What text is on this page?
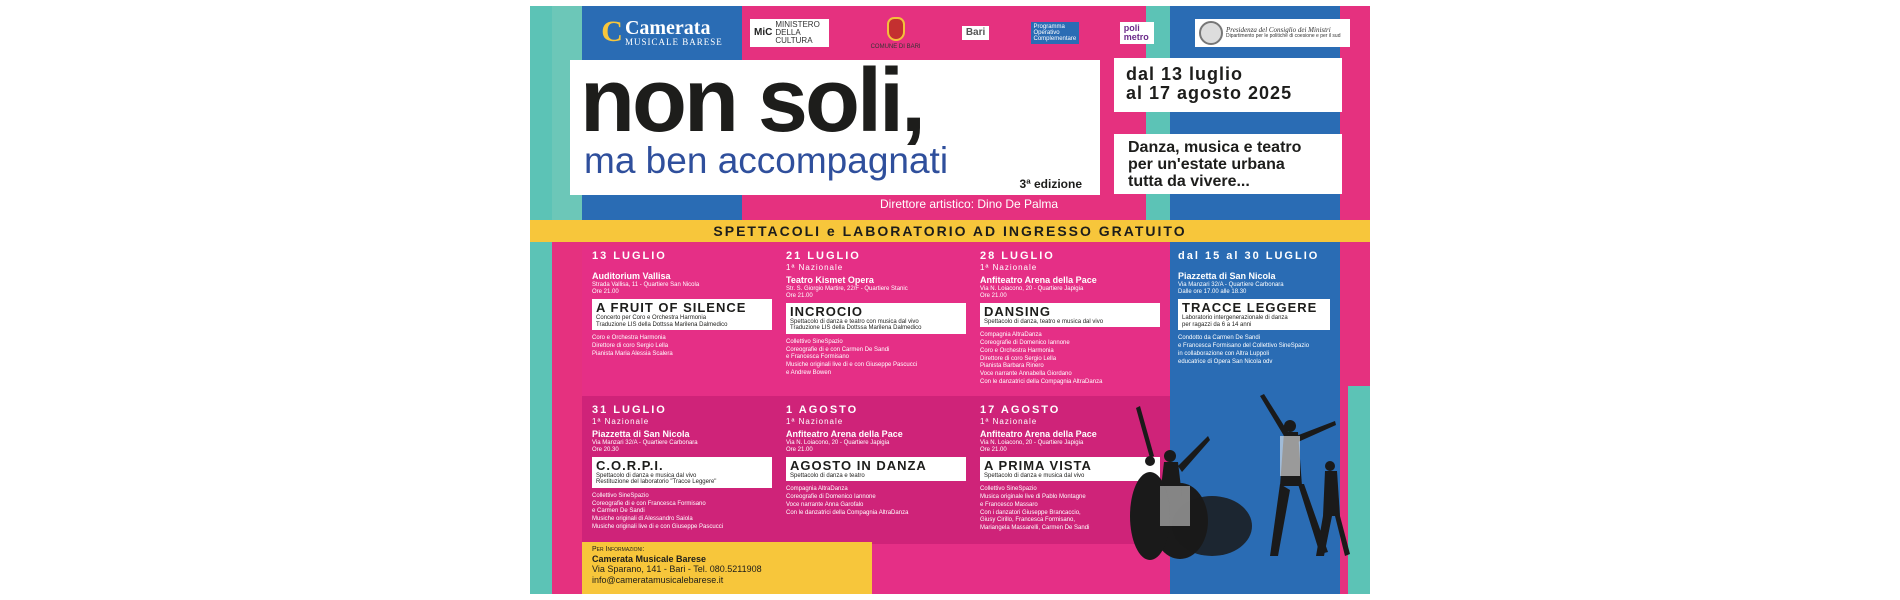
C Camerata
MUSICALE BARESE
MiC
MINISTERO DELLA CULTURA
COMUNE DI BARI
Bari	Programma Operativo Complementare
poli metro
Presidenza del Consiglio dei Ministri
Dipartimento per le politiche di coesione e per il sud
non soli,
ma ben accompagnati
3ª edizione
Direttore artistico: Dino De Palma
dal 13 luglio
al 17 agosto 2025
Danza, musica e teatro
per un'estate urbana
tutta da vivere...
SPETTACOLI e LABORATORIO AD INGRESSO GRATUITO
13 LUGLIO
Auditorium Vallisa
Strada Vallisa, 11 - Quartiere San Nicola
Ore 21.00
A FRUIT OF SILENCE
Concerto per Coro e Orchestra Harmonia
Traduzione LIS della Dottssa Marilena Dalmedico
Coro e Orchestra Harmonia
Direttore di coro Sergio Lella
Pianista Maria Alessia Scalera
21 LUGLIO
1ª Nazionale
Teatro Kismet Opera
Str. S. Giorgio Martire, 22/F - Quartiere Stanic
Ore 21.00
INCROCIO
Spettacolo di danza e teatro con musica dal vivo
Traduzione LIS della Dottssa Marilena Dalmedico
Collettivo SineSpazio
Coreografie di e con Carmen De Sandi
e Francesca Formisano
Musiche originali live di e con Giuseppe Pascucci
e Andrew Bowen
28 LUGLIO
1ª Nazionale
Anfiteatro Arena della Pace
Via N. Loiacono, 20 - Quartiere Japigia
Ore 21.00
DANSING
Spettacolo di danza, teatro e musica dal vivo
Compagnia AltraDanza
Coreografie di Domenico Iannone
Coro e Orchestra Harmonia
Direttore di coro Sergio Lella
Pianista Barbara Rinero
Voce narrante Annabella Giordano
Con le danzatrici della Compagnia AltraDanza
dal 15 al 30 LUGLIO
Piazzetta di San Nicola
Via Manzari 32/A - Quartiere Carbonara
Dalle ore 17.00 alle 18.30
TRACCE LEGGERE
Laboratorio intergenerazionale di danza
per ragazzi da 6 a 14 anni
Condotto da Carmen De Sandi
e Francesca Formisano del Collettivo SineSpazio
in collaborazione con Altra Luppoli
educatrice di Opera San Nicola odv
31 LUGLIO
1ª Nazionale
Piazzetta di San Nicola
Via Manzari 32/A - Quartiere Carbonara
Ore 20.30
C.O.R.P.I.
Spettacolo di danza e musica dal vivo
Restituzione del laboratorio "Tracce Leggere"
Collettivo SineSpazio
Coreografie di e con Francesca Formisano
e Carmen De Sandi
Musiche originali di Alessandro Saiola
Musiche originali live di e con Giuseppe Pascucci
1 AGOSTO
1ª Nazionale
Anfiteatro Arena della Pace
Via N. Loiacono, 20 - Quartiere Japigia
Ore 21.00
AGOSTO IN DANZA
Spettacolo di danza e teatro
Compagnia AltraDanza
Coreografie di Domenico Iannone
Voce narrante Anna Garofalo
Con le danzatrici della Compagnia AltraDanza
17 AGOSTO
1ª Nazionale
Anfiteatro Arena della Pace
Via N. Loiacono, 20 - Quartiere Japigia
Ore 21.00
A PRIMA VISTA
Spettacolo di danza e musica dal vivo
Collettivo SineSpazio
Musica originale live di Pablo Montagne
e Francesco Massaro
Con i danzatori Giuseppe Brancaccio,
Giusy Cirillo, Francesca Formisano,
Mariangela Massarelli, Carmen De Sandi
Per Informazioni:
Camerata Musicale Barese
Via Sparano, 141 - Bari - Tel. 080.5211908
info@cameratamusicalebarese.it
